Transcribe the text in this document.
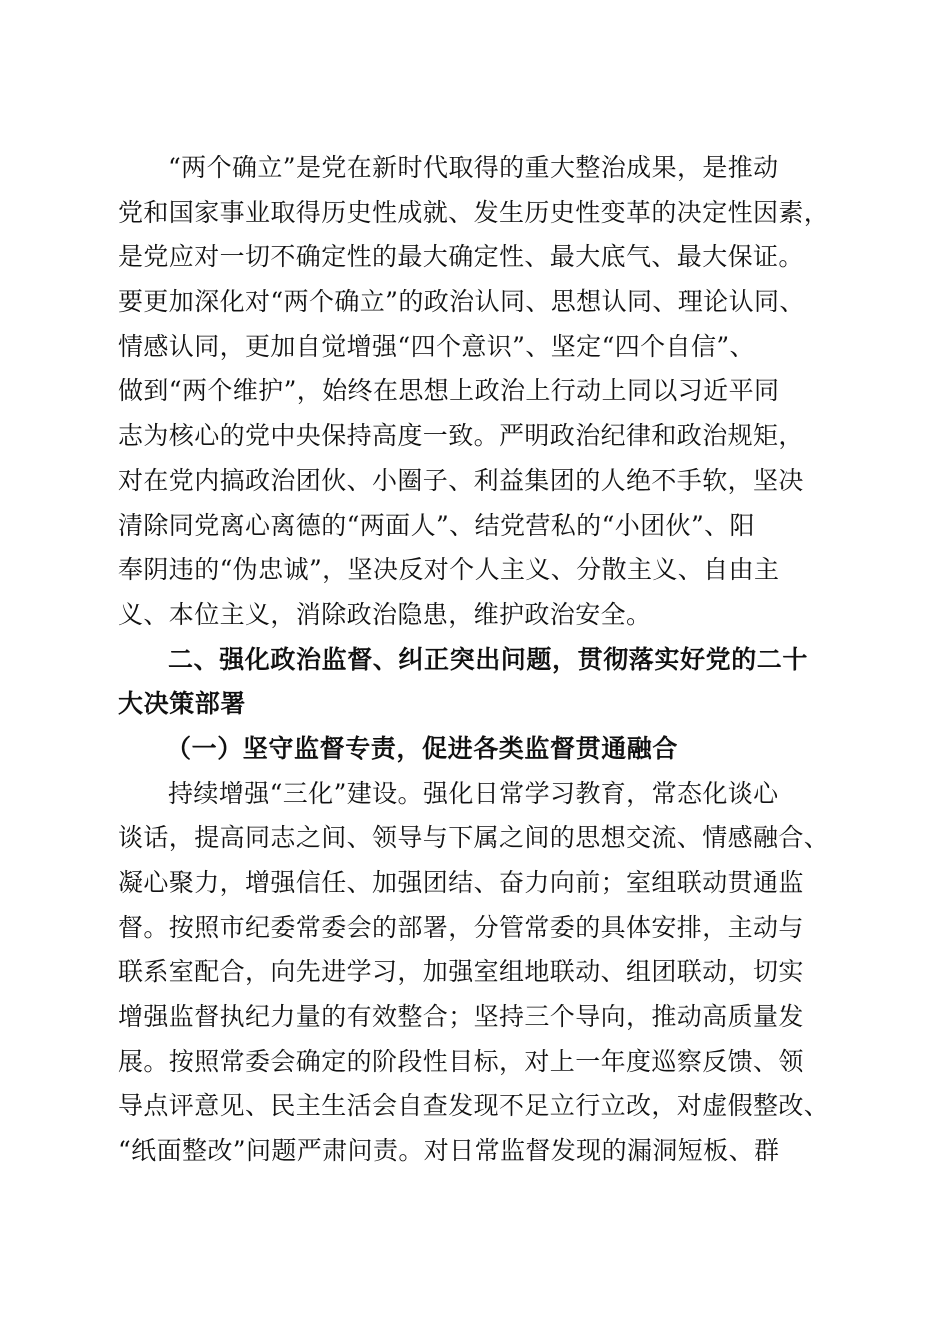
“两个确立”是党在新时代取得的重大整治成果，是推动
党和国家事业取得历史性成就、发生历史性变革的决定性因素，
是党应对一切不确定性的最大确定性、最大底气、最大保证。
要更加深化对“两个确立”的政治认同、思想认同、理论认同、
情感认同，更加自觉增强“四个意识”、坚定“四个自信”、
做到“两个维护”，始终在思想上政治上行动上同以习近平同
志为核心的党中央保持高度一致。严明政治纪律和政治规矩，
对在党内搞政治团伙、小圈子、利益集团的人绝不手软，坚决
清除同党离心离德的“两面人”、结党营私的“小团伙”、阳
奉阴违的“伪忠诚”，坚决反对个人主义、分散主义、自由主
义、本位主义，消除政治隐患，维护政治安全。
二、强化政治监督、纠正突出问题，贯彻落实好党的二十
大决策部署
（一）坚守监督专责，促进各类监督贯通融合
持续增强“三化”建设。强化日常学习教育，常态化谈心
谈话，提高同志之间、领导与下属之间的思想交流、情感融合、
凝心聚力，增强信任、加强团结、奋力向前；室组联动贯通监
督。按照市纪委常委会的部署，分管常委的具体安排，主动与
联系室配合，向先进学习，加强室组地联动、组团联动，切实
增强监督执纪力量的有效整合；坚持三个导向，推动高质量发
展。按照常委会确定的阶段性目标，对上一年度巡察反馈、领
导点评意见、民主生活会自查发现不足立行立改，对虚假整改、
“纸面整改”问题严肃问责。对日常监督发现的漏洞短板、群
